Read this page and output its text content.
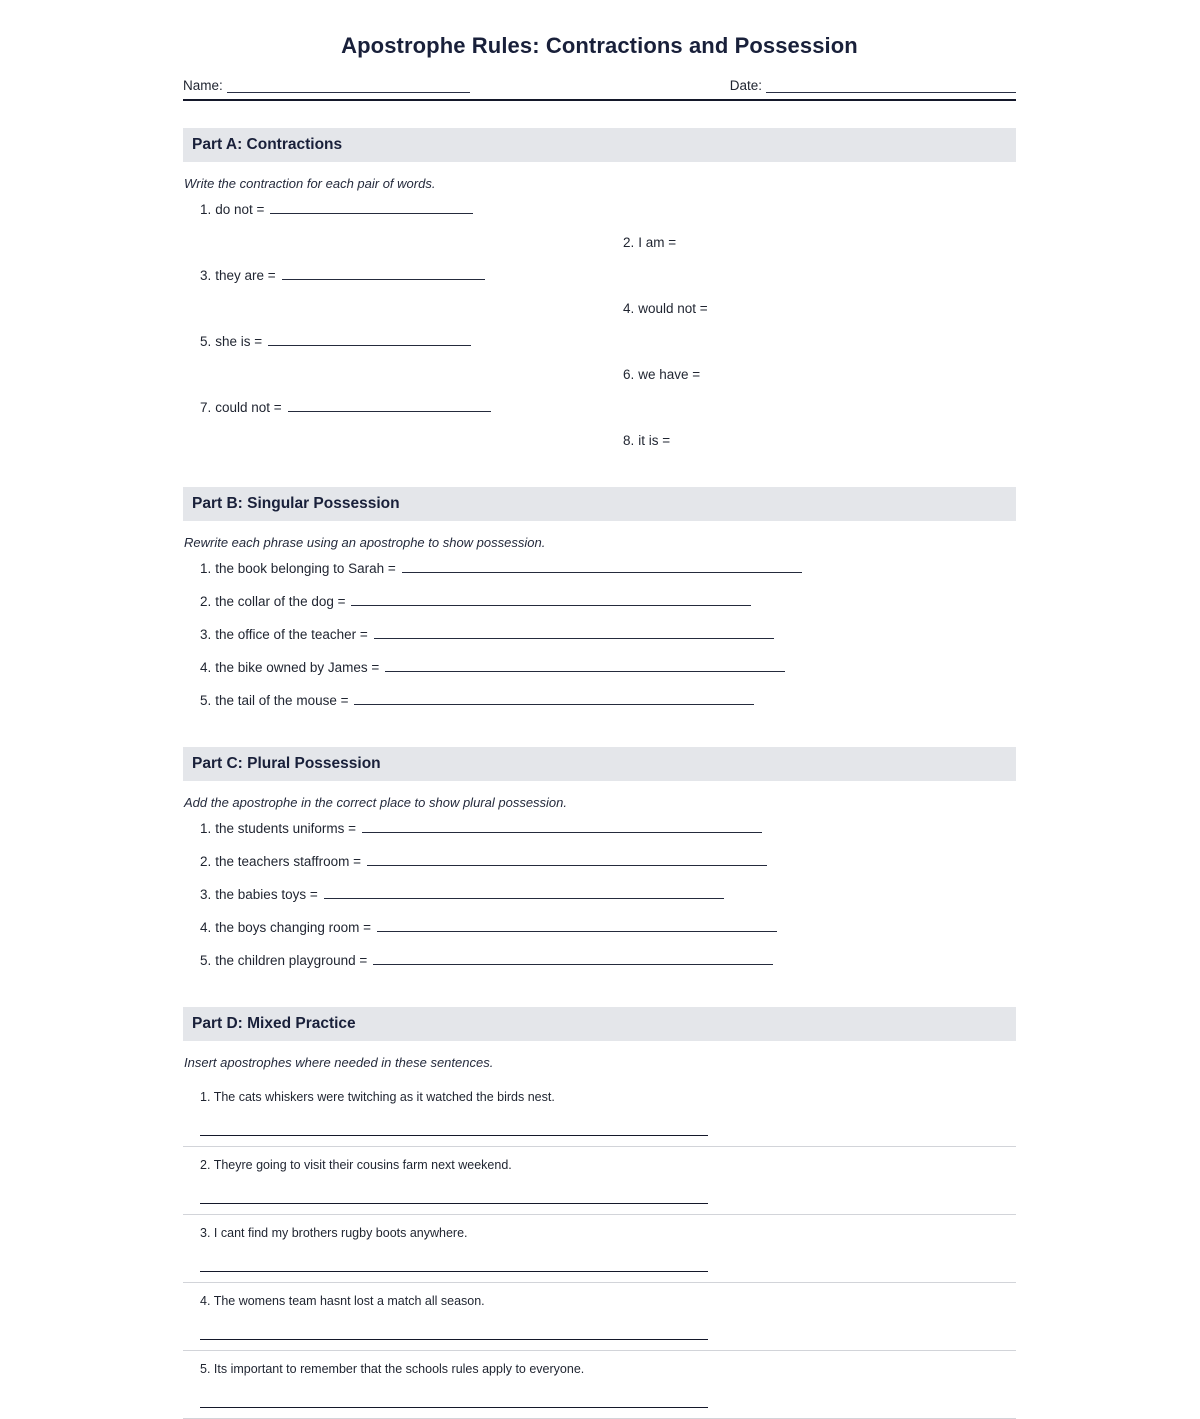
Apostrophe Rules: Contractions and Possession
Name:	Date:
Part A: Contractions

Write the contraction for each pair of words.

1. do not =
2. I am =
3. they are =
4. would not =
5. she is =
6. we have =
7. could not =
8. it is =
Part B: Singular Possession

Rewrite each phrase using an apostrophe to show possession.

1. the book belonging to Sarah =
2. the collar of the dog =
3. the office of the teacher =
4. the bike owned by James =
5. the tail of the mouse =
Part C: Plural Possession

Add the apostrophe in the correct place to show plural possession.

1. the students uniforms =
2. the teachers staffroom =
3. the babies toys =
4. the boys changing room =
5. the children playground =
Part D: Mixed Practice

Insert apostrophes where needed in these sentences.

1. The cats whiskers were twitching as it watched the birds nest.
2. Theyre going to visit their cousins farm next weekend.
3. I cant find my brothers rugby boots anywhere.
4. The womens team hasnt lost a match all season.
5. Its important to remember that the schools rules apply to everyone.
